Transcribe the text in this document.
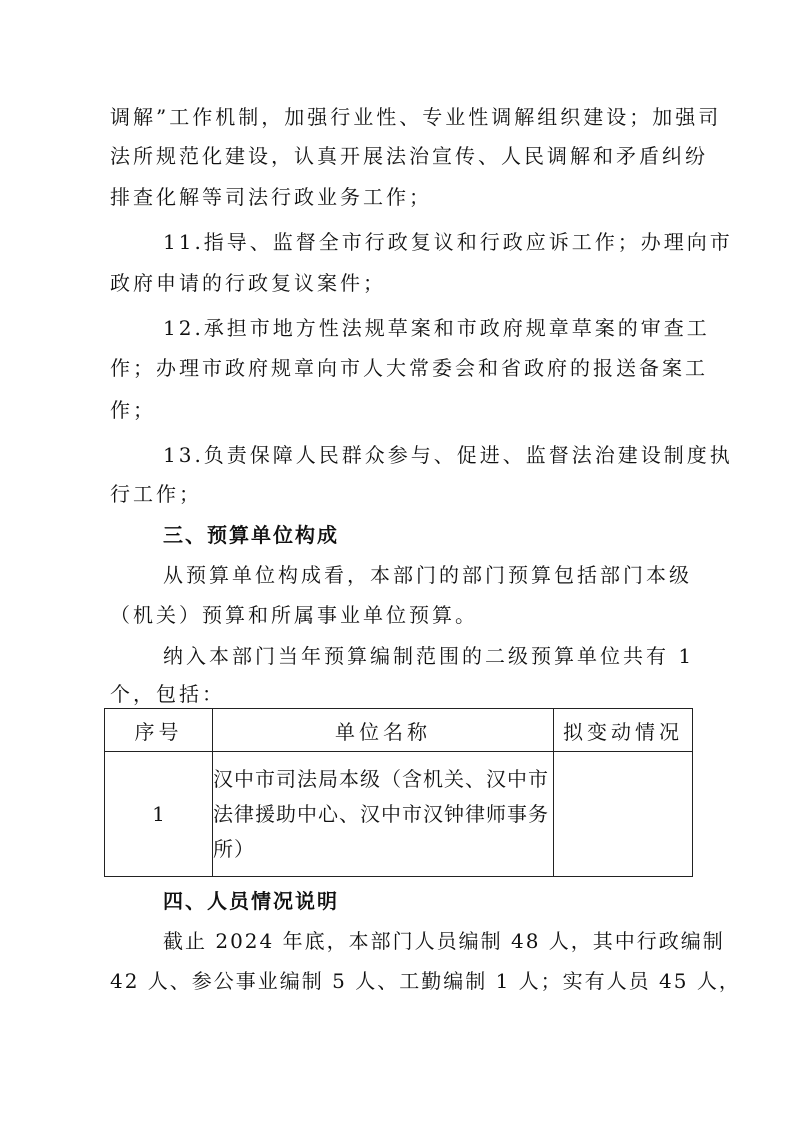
调解”工作机制，加强行业性、专业性调解组织建设；加强司
法所规范化建设，认真开展法治宣传、人民调解和矛盾纠纷
排查化解等司法行政业务工作；
11.指导、监督全市行政复议和行政应诉工作；办理向市
政府申请的行政复议案件；
12.承担市地方性法规草案和市政府规章草案的审查工
作；办理市政府规章向市人大常委会和省政府的报送备案工
作；
13.负责保障人民群众参与、促进、监督法治建设制度执
行工作；
三、预算单位构成
从预算单位构成看，本部门的部门预算包括部门本级
（机关）预算和所属事业单位预算。
纳入本部门当年预算编制范围的二级预算单位共有 1
个，包括：
序号	单位名称	拟变动情况
1	汉中市司法局本级（含机关、汉中市
法律援助中心、汉中市汉钟律师事务
所）	
四、人员情况说明
截止 2024 年底，本部门人员编制 48 人，其中行政编制
42 人、参公事业编制 5 人、工勤编制 1 人；实有人员 45 人，
